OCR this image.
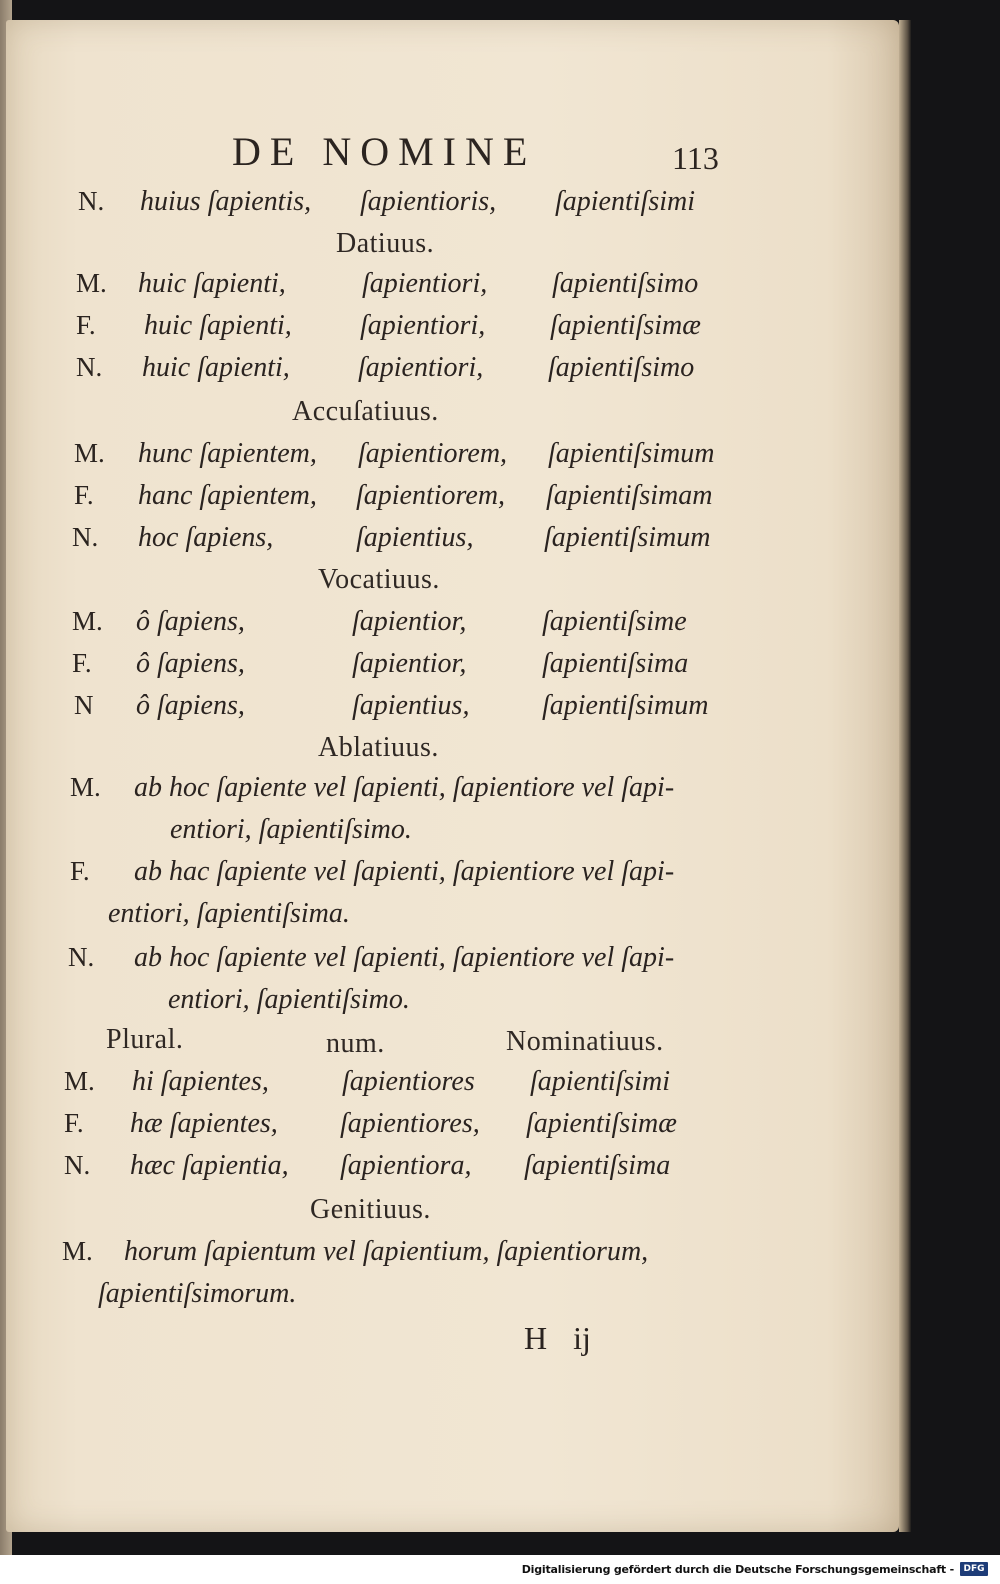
DE NOMINE	113
N. huius ſapientis, ſapientioris, ſapientiſsimi
Datiuus.
M. huic ſapienti,	ſapientiori, ſapientiſsimo
F. huic ſapienti, ſapientiori, ſapientiſsimæ
N. huic ſapienti, ſapientiori, ſapientiſsimo
Accuſatiuus.
M. hunc ſapientem, ſapientiorem, ſapientiſsimum
F. hanc ſapientem, ſapientiorem, ſapientiſsimam
N. hoc ſapiens,	ſapientius,	ſapientiſsimum
Vocatiuus.
M. ô ſapiens,	ſapientior,	ſapientiſsime
F. ô ſapiens,	ſapientior,	ſapientiſsima
N ô ſapiens,	ſapientius,	ſapientiſsimum
Ablatiuus.
M. ab hoc ſapiente vel ſapienti, ſapientiore vel ſapi-
entiori, ſapientiſsimo.
F. ab hac ſapiente vel ſapienti, ſapientiore vel ſapi-
entiori, ſapientiſsima.
N. ab hoc ſapiente vel ſapienti, ſapientiore vel ſapi-
entiori, ſapientiſsimo.
Plural.	num.	Nominatiuus.
M. hi ſapientes,	ſapientiores ſapientiſsimi
F. hæ ſapientes, ſapientiores, ſapientiſsimæ
N. hæc ſapientia, ſapientiora, ſapientiſsima
Genitiuus.
M. horum ſapientum vel ſapientium, ſapientiorum,
ſapientiſsimorum.
H ij
Digitalisierung gefördert durch die Deutsche Forschungsgemeinschaft -	DFG
